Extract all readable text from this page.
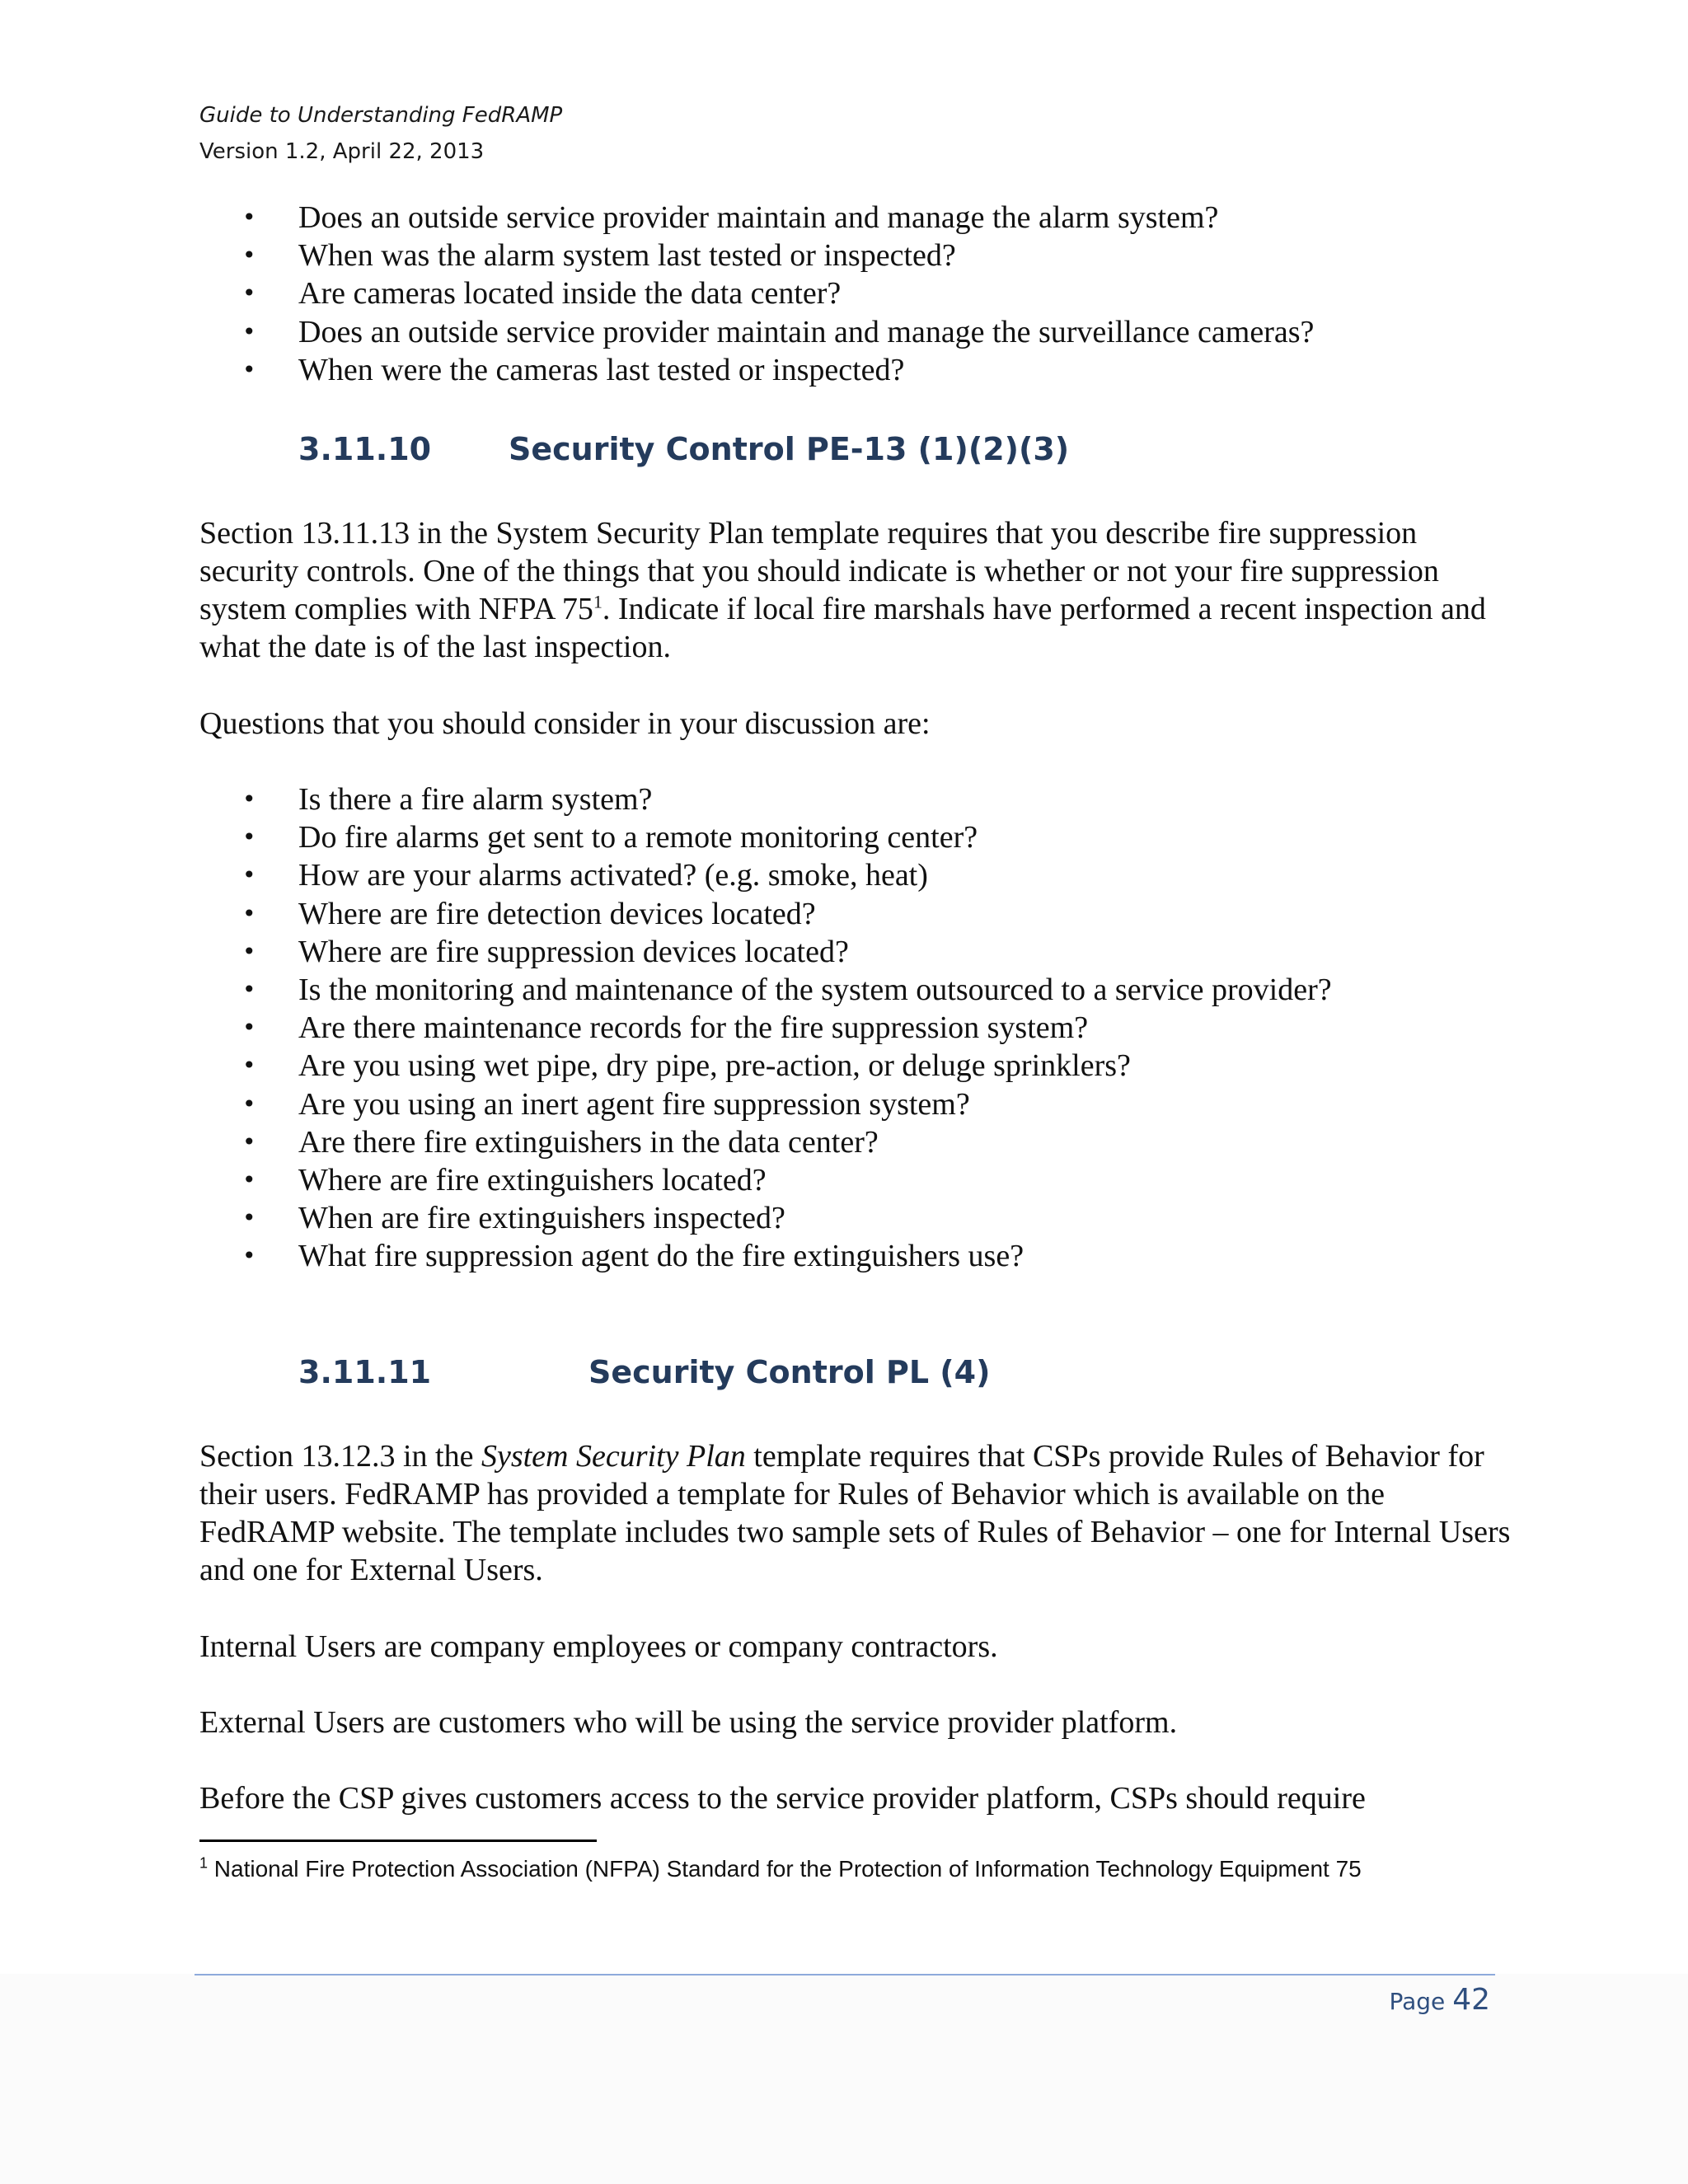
Guide to Understanding FedRAMP
Version 1.2, April 22, 2013
• Does an outside service provider maintain and manage the alarm system?
• When was the alarm system last tested or inspected?
• Are cameras located inside the data center?
• Does an outside service provider maintain and manage the surveillance cameras?
• When were the cameras last tested or inspected?
3.11.10 Security Control PE-13 (1)(2)(3)

Section 13.11.13 in the System Security Plan template requires that you describe fire suppression security controls. One of the things that you should indicate is whether or not your fire suppression system complies with NFPA $75^1$. Indicate if local fire marshals have performed a recent inspection and what the date is of the last inspection.

Questions that you should consider in your discussion are:

• Is there a fire alarm system?
• Do fire alarms get sent to a remote monitoring center?
• How are your alarms activated? (e.g. smoke, heat)
• Where are fire detection devices located?
• Where are fire suppression devices located?
• Is the monitoring and maintenance of the system outsourced to a service provider?
• Are there maintenance records for the fire suppression system?
• Are you using wet pipe, dry pipe, pre-action, or deluge sprinklers?
• Are you using an inert agent fire suppression system?
• Are there fire extinguishers in the data center?
• Where are fire extinguishers located?
• When are fire extinguishers inspected?
• What fire suppression agent do the fire extinguishers use?
3.11.11	Security Control PL (4)

Section 13.12.3 in the System Security Plan template requires that CSPs provide Rules of Behavior for their users. FedRAMP has provided a template for Rules of Behavior which is available on the FedRAMP website. The template includes two sample sets of Rules of Behavior – one for Internal Users and one for External Users.

Internal Users are company employees or company contractors.

External Users are customers who will be using the service provider platform.

Before the CSP gives customers access to the service provider platform, CSPs should require

$^1$ National Fire Protection Association (NFPA) Standard for the Protection of Information Technology Equipment 75
Page 42
